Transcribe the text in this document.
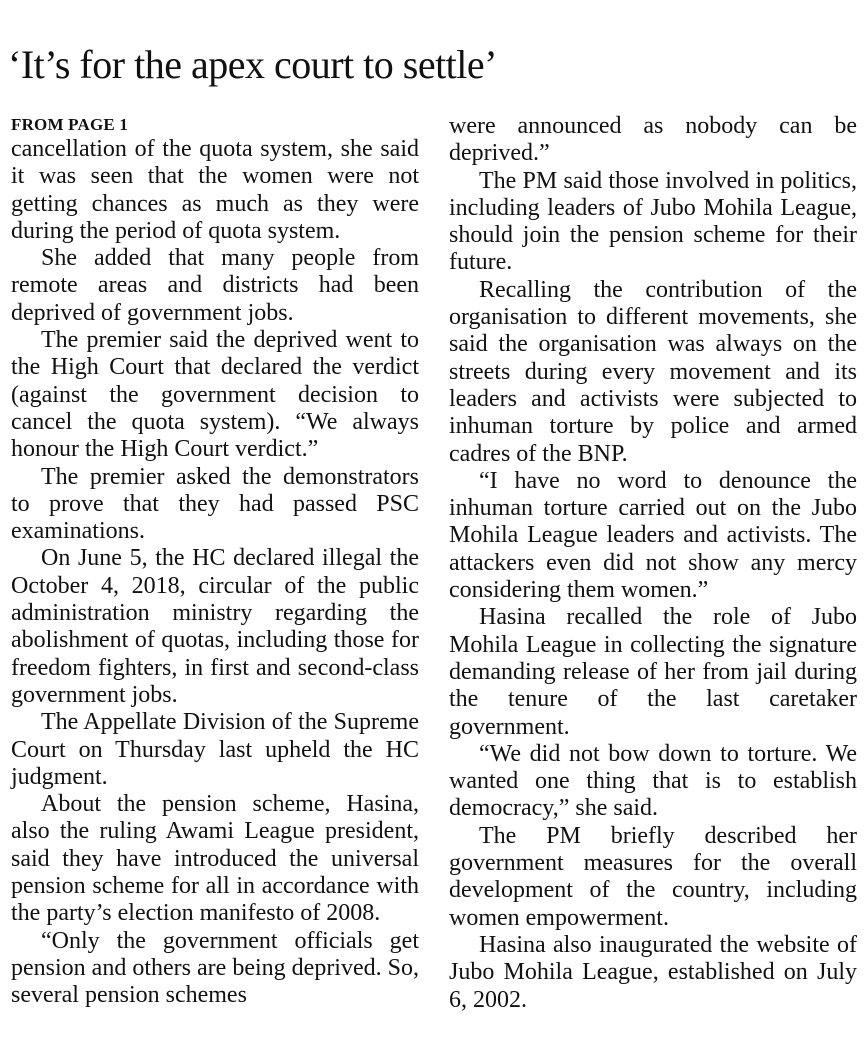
‘It’s for the apex court to settle’
FROM PAGE 1

cancellation of the quota system, she said it was seen that the women were not getting chances as much as they were during the period of quota system.

She added that many people from remote areas and districts had been deprived of government jobs.

The premier said the deprived went to the High Court that declared the verdict (against the government decision to cancel the quota system). “We always honour the High Court verdict.”

The premier asked the demonstrators to prove that they had passed PSC examinations.

On June 5, the HC declared illegal the October 4, 2018, circular of the public administration ministry regarding the abolishment of quotas, including those for freedom fighters, in first and second-class government jobs.

The Appellate Division of the Supreme Court on Thursday last upheld the HC judgment.

About the pension scheme, Hasina, also the ruling Awami League president, said they have introduced the universal pension scheme for all in accordance with the party’s election manifesto of 2008.

“Only the government officials get pension and others are being deprived. So, several pension schemes

were announced as nobody can be deprived.”

The PM said those involved in politics, including leaders of Jubo Mohila League, should join the pension scheme for their future.

Recalling the contribution of the organisation to different movements, she said the organisation was always on the streets during every movement and its leaders and activists were subjected to inhuman torture by police and armed cadres of the BNP.

“I have no word to denounce the inhuman torture carried out on the Jubo Mohila League leaders and activists. The attackers even did not show any mercy considering them women.”

Hasina recalled the role of Jubo Mohila League in collecting the signature demanding release of her from jail during the tenure of the last caretaker government.

“We did not bow down to torture. We wanted one thing that is to establish democracy,” she said.

The PM briefly described her government measures for the overall development of the country, including women empowerment.

Hasina also inaugurated the website of Jubo Mohila League, established on July 6, 2002.
